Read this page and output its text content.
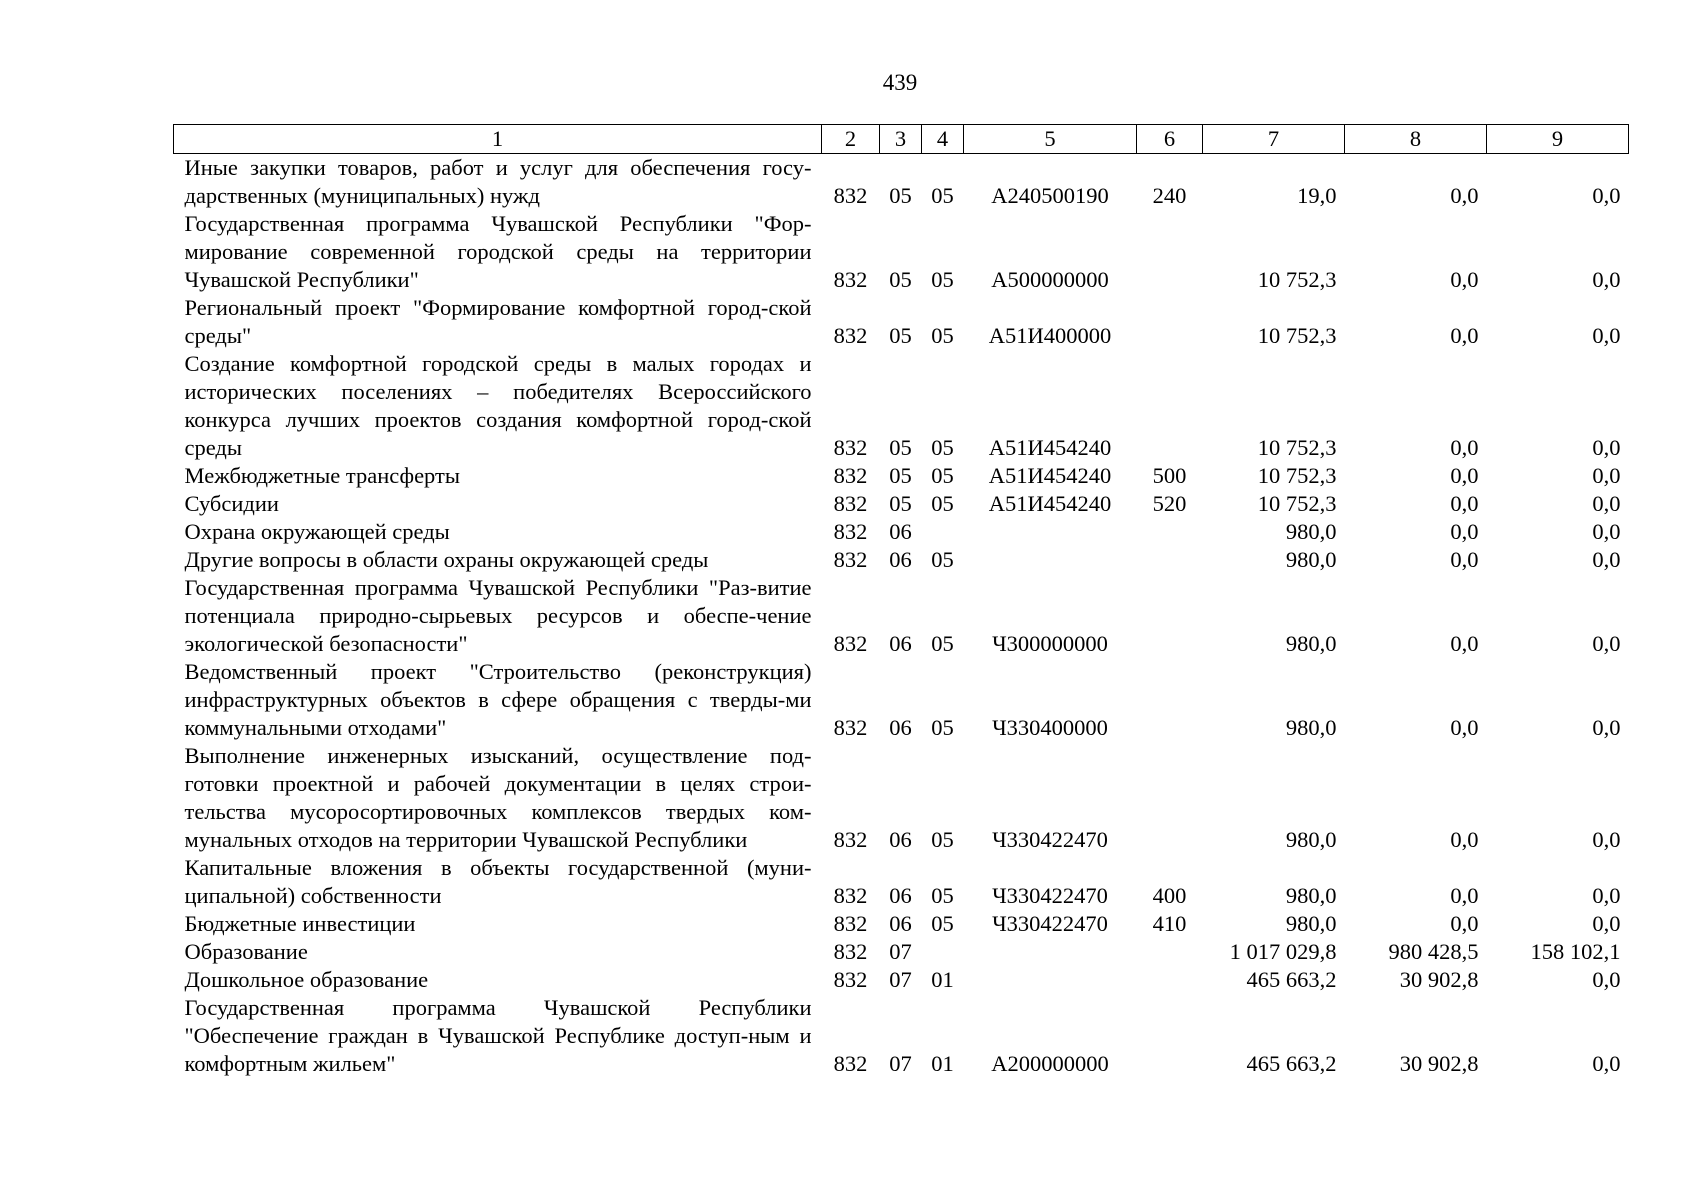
439
1	2	3	4	5	6	7	8	9
Иные закупки товаров, работ и услуг для обеспечения госу-дарственных (муниципальных) нужд	832	05	05	А240500190	240	19,0	0,0	0,0
Государственная программа Чувашской Республики "Фор-мирование современной городской среды на территории Чувашской Республики"	832	05	05	А500000000		10 752,3	0,0	0,0
Региональный проект "Формирование комфортной город-ской среды"	832	05	05	А51И400000		10 752,3	0,0	0,0
Создание комфортной городской среды в малых городах и исторических поселениях – победителях Всероссийского конкурса лучших проектов создания комфортной город-ской среды	832	05	05	А51И454240		10 752,3	0,0	0,0
Межбюджетные трансферты	832	05	05	А51И454240	500	10 752,3	0,0	0,0
Субсидии	832	05	05	А51И454240	520	10 752,3	0,0	0,0
Охрана окружающей среды	832	06				980,0	0,0	0,0
Другие вопросы в области охраны окружающей среды	832	06	05			980,0	0,0	0,0
Государственная программа Чувашской Республики "Раз-витие потенциала природно-сырьевых ресурсов и обеспе-чение экологической безопасности"	832	06	05	Ч300000000		980,0	0,0	0,0
Ведомственный проект "Строительство (реконструкция) инфраструктурных объектов в сфере обращения с тверды-ми коммунальными отходами"	832	06	05	Ч330400000		980,0	0,0	0,0
Выполнение инженерных изысканий, осуществление под-готовки проектной и рабочей документации в целях строи-тельства мусоросортировочных комплексов твердых ком-мунальных отходов на территории Чувашской Республики	832	06	05	Ч330422470		980,0	0,0	0,0
Капитальные вложения в объекты государственной (муни-ципальной) собственности	832	06	05	Ч330422470	400	980,0	0,0	0,0
Бюджетные инвестиции	832	06	05	Ч330422470	410	980,0	0,0	0,0
Образование	832	07				1 017 029,8	980 428,5	158 102,1
Дошкольное образование	832	07	01			465 663,2	30 902,8	0,0
Государственная программа Чувашской Республики "Обеспечение граждан в Чувашской Республике доступ-ным и комфортным жильем"	832	07	01	А200000000		465 663,2	30 902,8	0,0
